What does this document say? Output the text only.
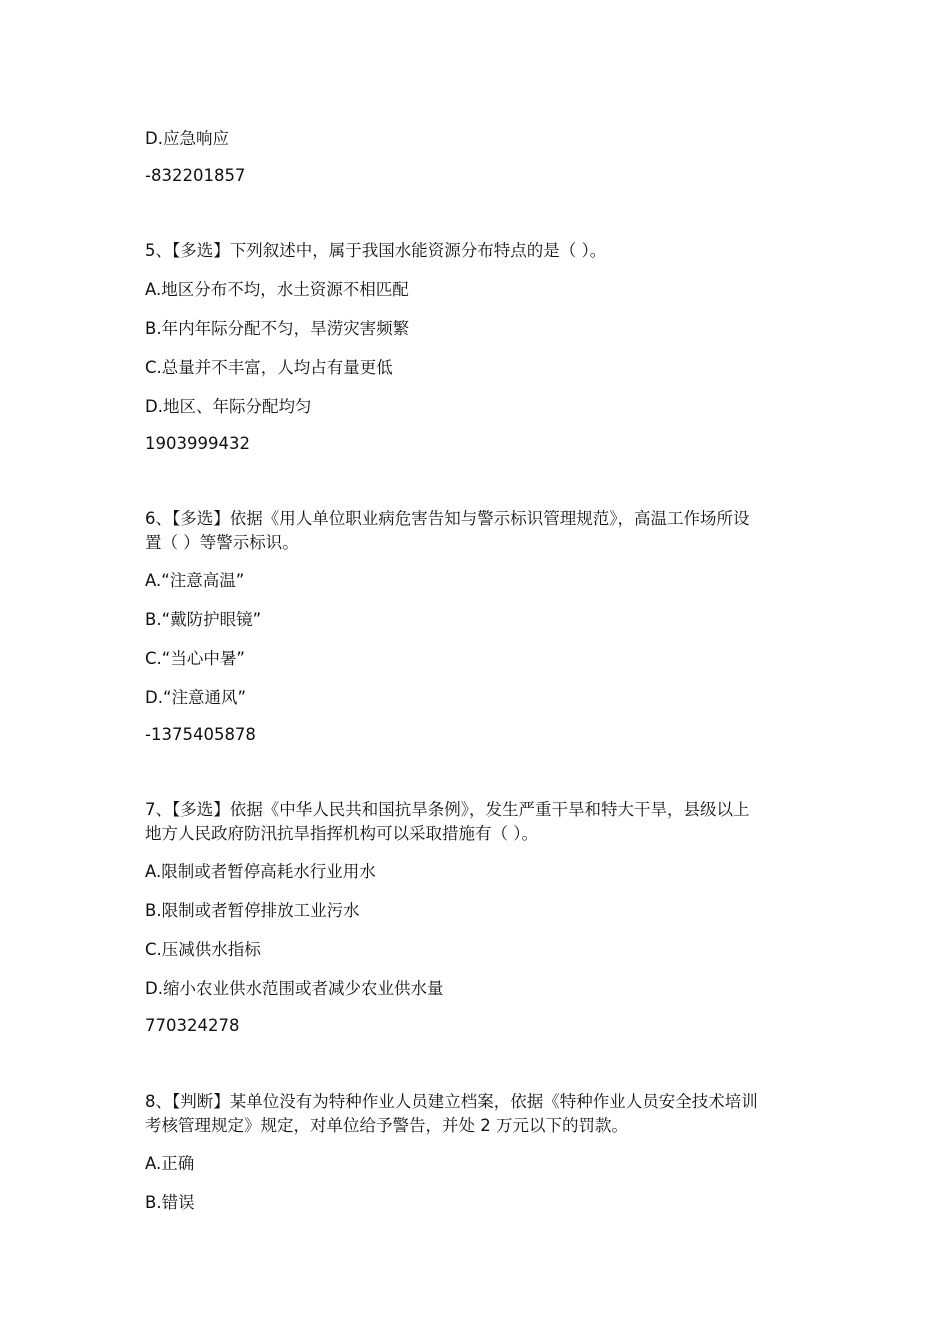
D.应急响应
-832201857
5、【多选】下列叙述中，属于我国水能资源分布特点的是（ ）。
A.地区分布不均，水土资源不相匹配
B.年内年际分配不匀，旱涝灾害频繁
C.总量并不丰富，人均占有量更低
D.地区、年际分配均匀
1903999432
6、【多选】依据《用人单位职业病危害告知与警示标识管理规范》，高温工作场所设
置（ ）等警示标识。
A.“注意高温”
B.“戴防护眼镜”
C.“当心中暑”
D.“注意通风”
-1375405878
7、【多选】依据《中华人民共和国抗旱条例》，发生严重干旱和特大干旱，县级以上
地方人民政府防汛抗旱指挥机构可以采取措施有（ ）。
A.限制或者暂停高耗水行业用水
B.限制或者暂停排放工业污水
C.压减供水指标
D.缩小农业供水范围或者减少农业供水量
770324278
8、【判断】某单位没有为特种作业人员建立档案，依据《特种作业人员安全技术培训
考核管理规定》规定，对单位给予警告，并处 2 万元以下的罚款。
A.正确
B.错误
